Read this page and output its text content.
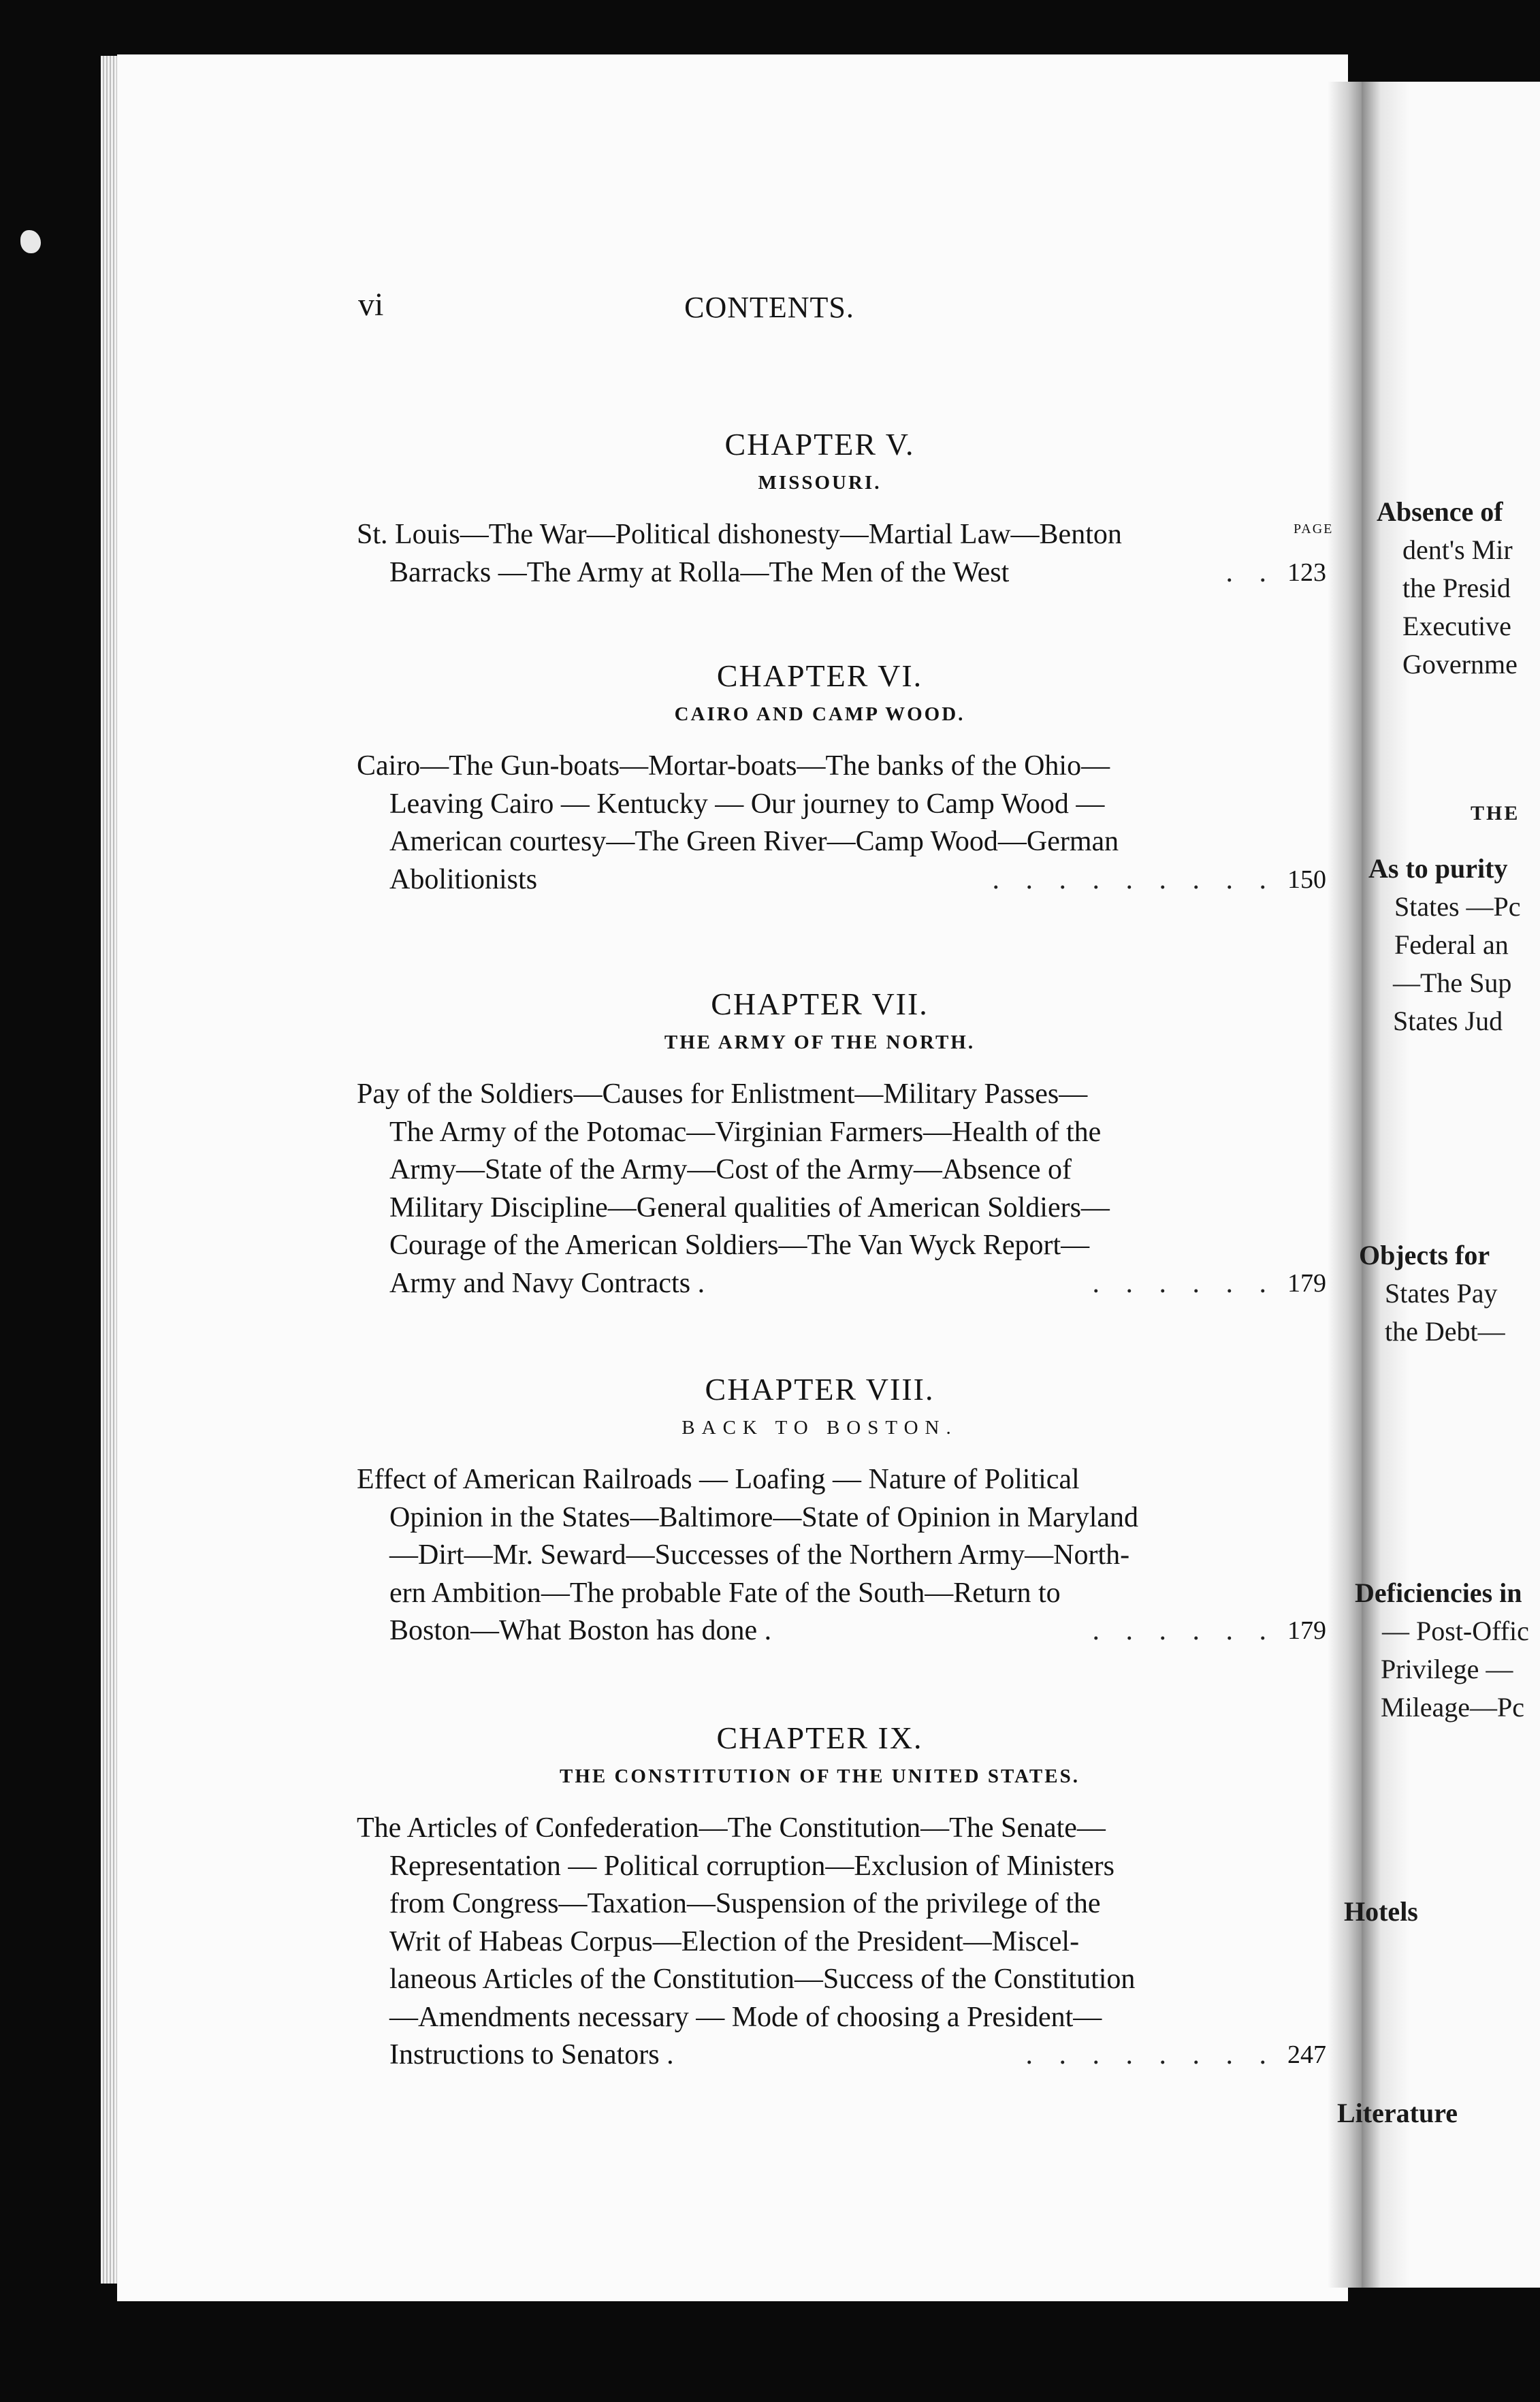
Absence of
dent's Mir
the Presid
Executive
Governme
THE
As to purity
States —Pc
Federal an
—The Sup
States Jud
Objects for
States Pay
the Debt—
Deficiencies in
— Post-Offic
Privilege —
Mileage—Pc
Hotels
Literature
vi	CONTENTS.
PAGE
CHAPTER V.
MISSOURI.
St. Louis—The War—Political dishonesty—Martial Law—Benton
Barracks —The Army at Rolla—The Men of the West	. . 123
CHAPTER VI.
CAIRO AND CAMP WOOD.
Cairo—The Gun-boats—Mortar-boats—The banks of the Ohio—
Leaving Cairo — Kentucky — Our journey to Camp Wood —
American courtesy—The Green River—Camp Wood—German
Abolitionists	. . . . . . . . . 150
CHAPTER VII.
THE ARMY OF THE NORTH.
Pay of the Soldiers—Causes for Enlistment—Military Passes—
The Army of the Potomac—Virginian Farmers—Health of the
Army—State of the Army—Cost of the Army—Absence of
Military Discipline—General qualities of American Soldiers—
Courage of the American Soldiers—The Van Wyck Report—
Army and Navy Contracts .	. . . . . . 179
CHAPTER VIII.
BACK TO BOSTON.
Effect of American Railroads — Loafing — Nature of Political
Opinion in the States—Baltimore—State of Opinion in Maryland
—Dirt—Mr. Seward—Successes of the Northern Army—North-
ern Ambition—The probable Fate of the South—Return to
Boston—What Boston has done .	. . . . . . 179
CHAPTER IX.
THE CONSTITUTION OF THE UNITED STATES.
The Articles of Confederation—The Constitution—The Senate—
Representation — Political corruption—Exclusion of Ministers
from Congress—Taxation—Suspension of the privilege of the
Writ of Habeas Corpus—Election of the President—Miscel-
laneous Articles of the Constitution—Success of the Constitution
—Amendments necessary — Mode of choosing a President—
Instructions to Senators .	. . . . . . . . 247
